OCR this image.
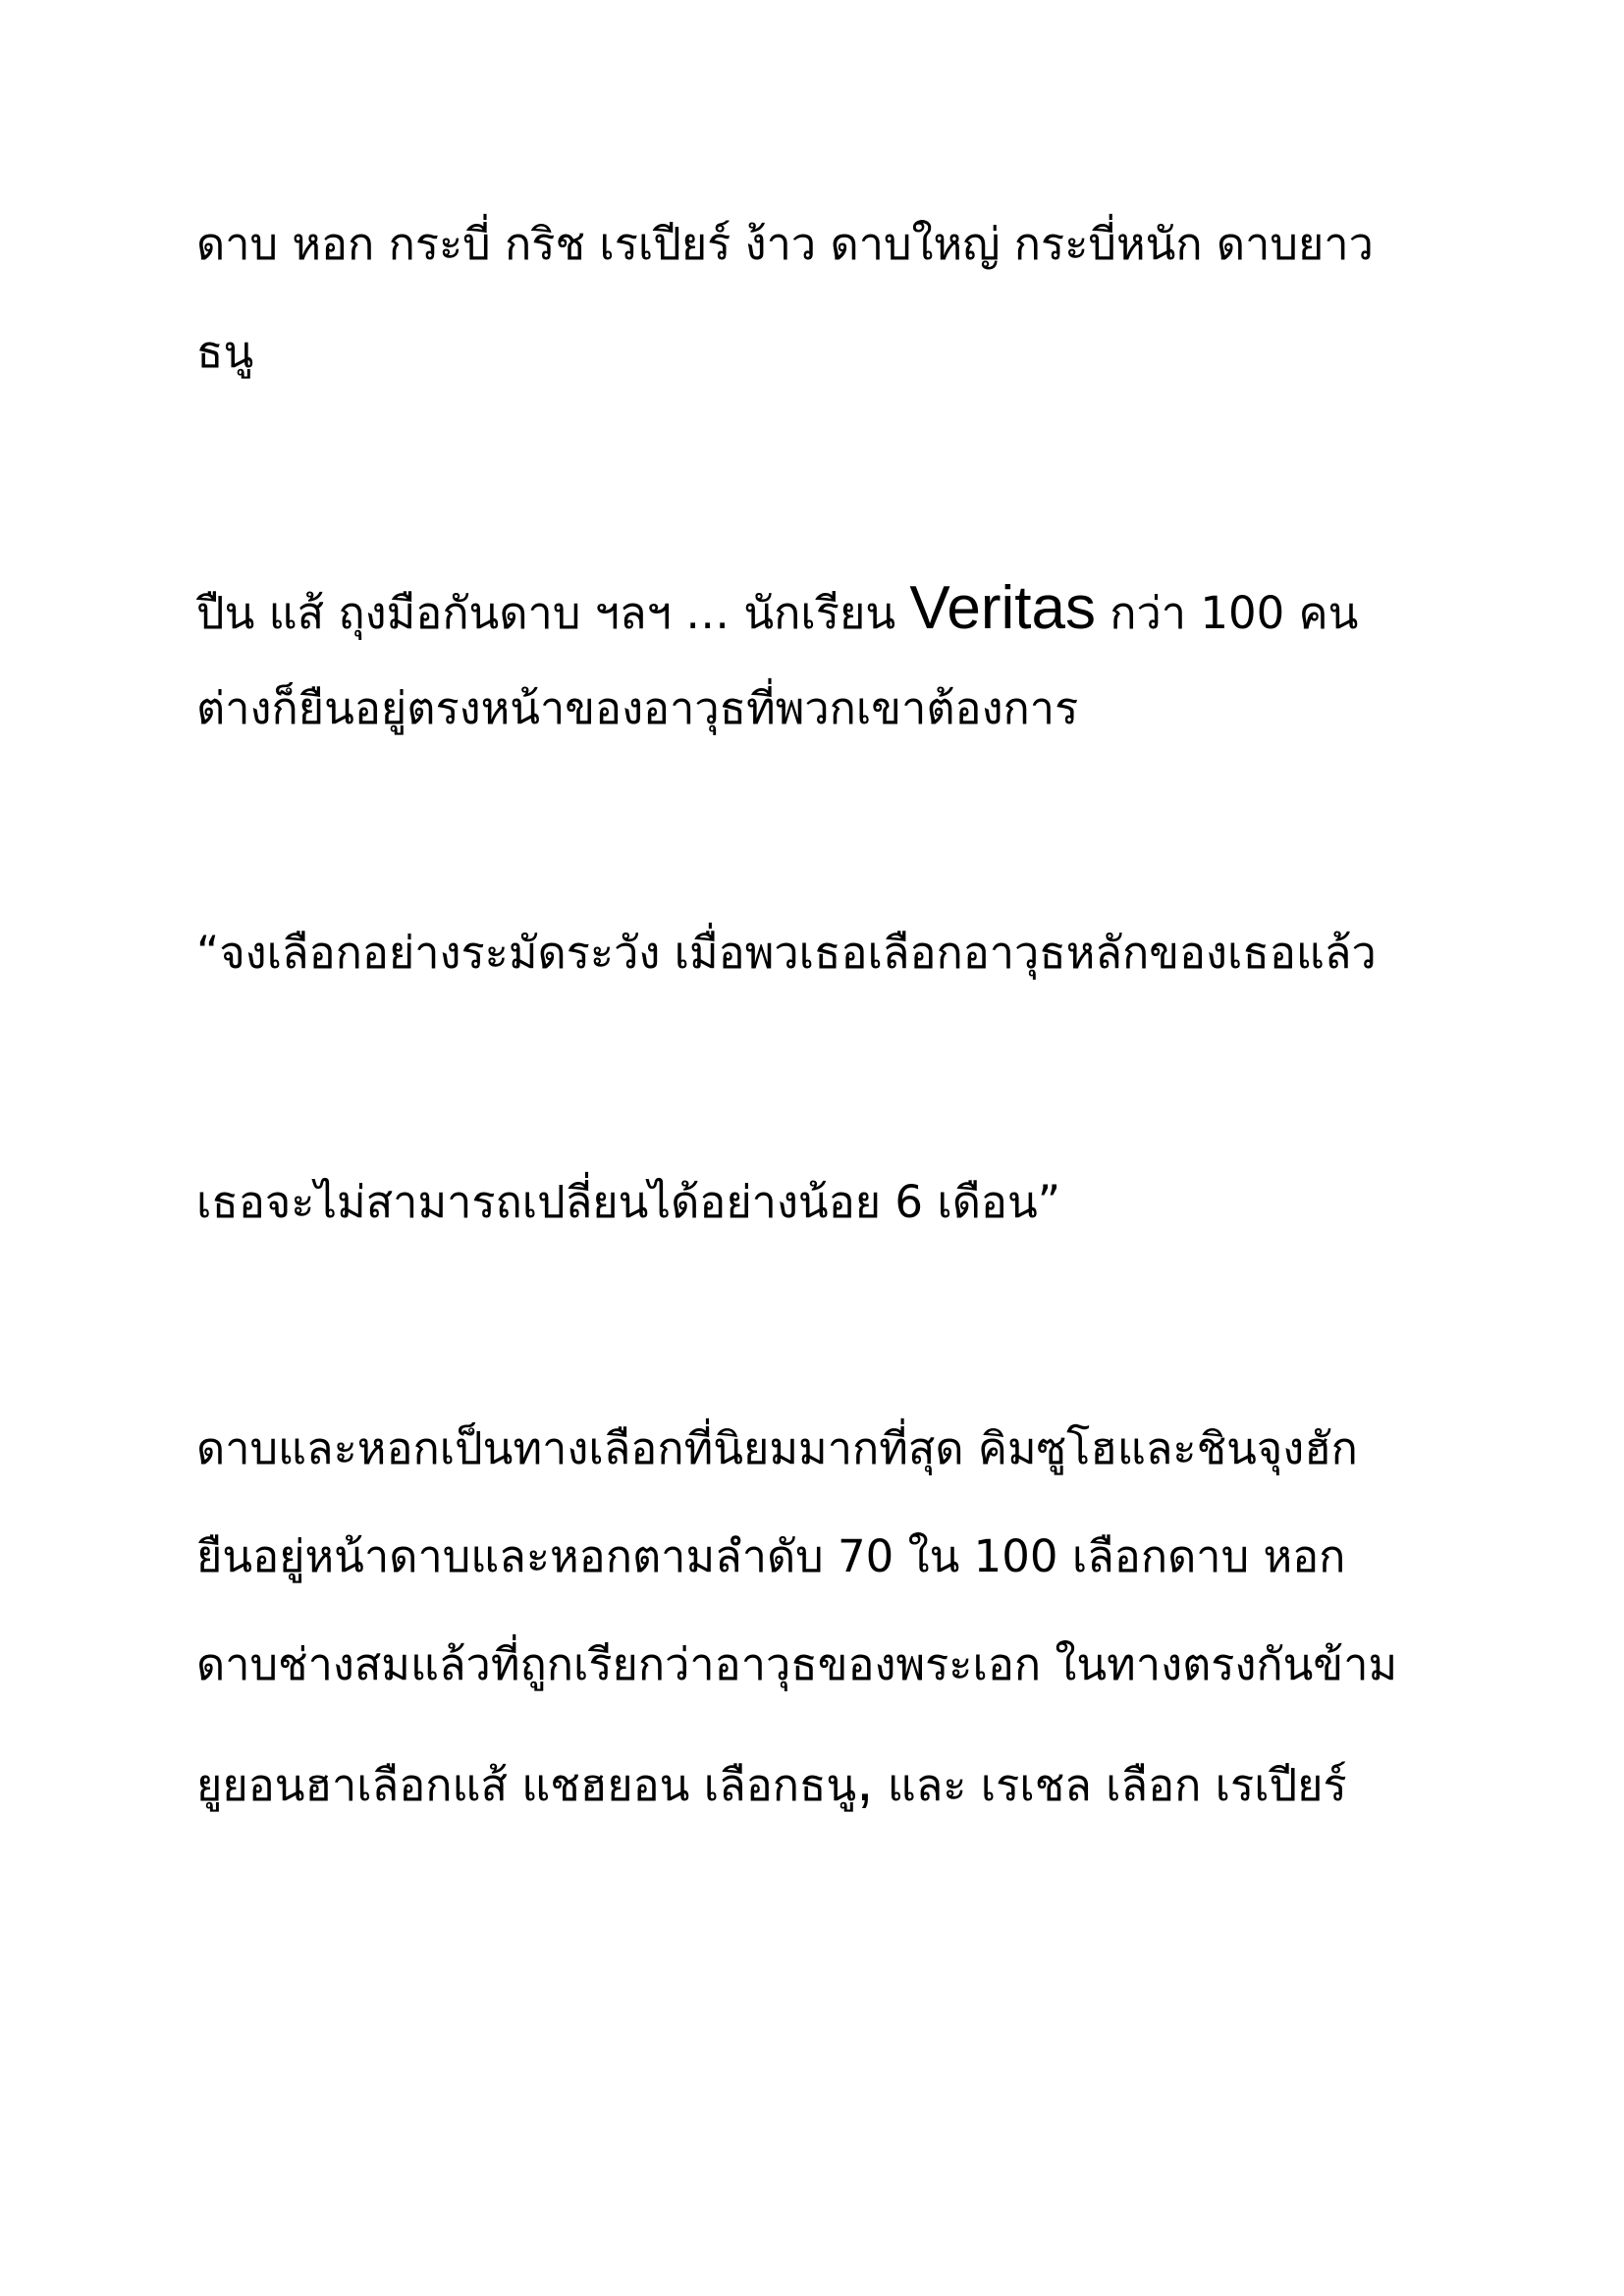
ดาบ หอก กระบี่ กริช เรเปียร์ ง้าว ดาบใหญ่ กระบี่หนัก ดาบยาว
ธนู
ปืน แส้ ถุงมือกันดาบ ฯลฯ … นักเรียน Veritas กว่า 100 คน
ต่างก็ยืนอยู่ตรงหน้าของอาวุธที่พวกเขาต้องการ
“จงเลือกอย่างระมัดระวัง เมื่อพวเธอเลือกอาวุธหลักของเธอแล้ว
เธอจะไม่สามารถเปลี่ยนได้อย่างน้อย 6 เดือน”
ดาบและหอกเป็นทางเลือกที่นิยมมากที่สุด คิมซูโฮและชินจุงฮัก
ยืนอยู่หน้าดาบและหอกตามลำดับ 70 ใน 100 เลือกดาบ หอก
ดาบช่างสมแล้วที่ถูกเรียกว่าอาวุธของพระเอก ในทางตรงกันข้าม
ยูยอนฮาเลือกแส้ แชฮยอน เลือกธนู, และ เรเชล เลือก เรเปียร์
